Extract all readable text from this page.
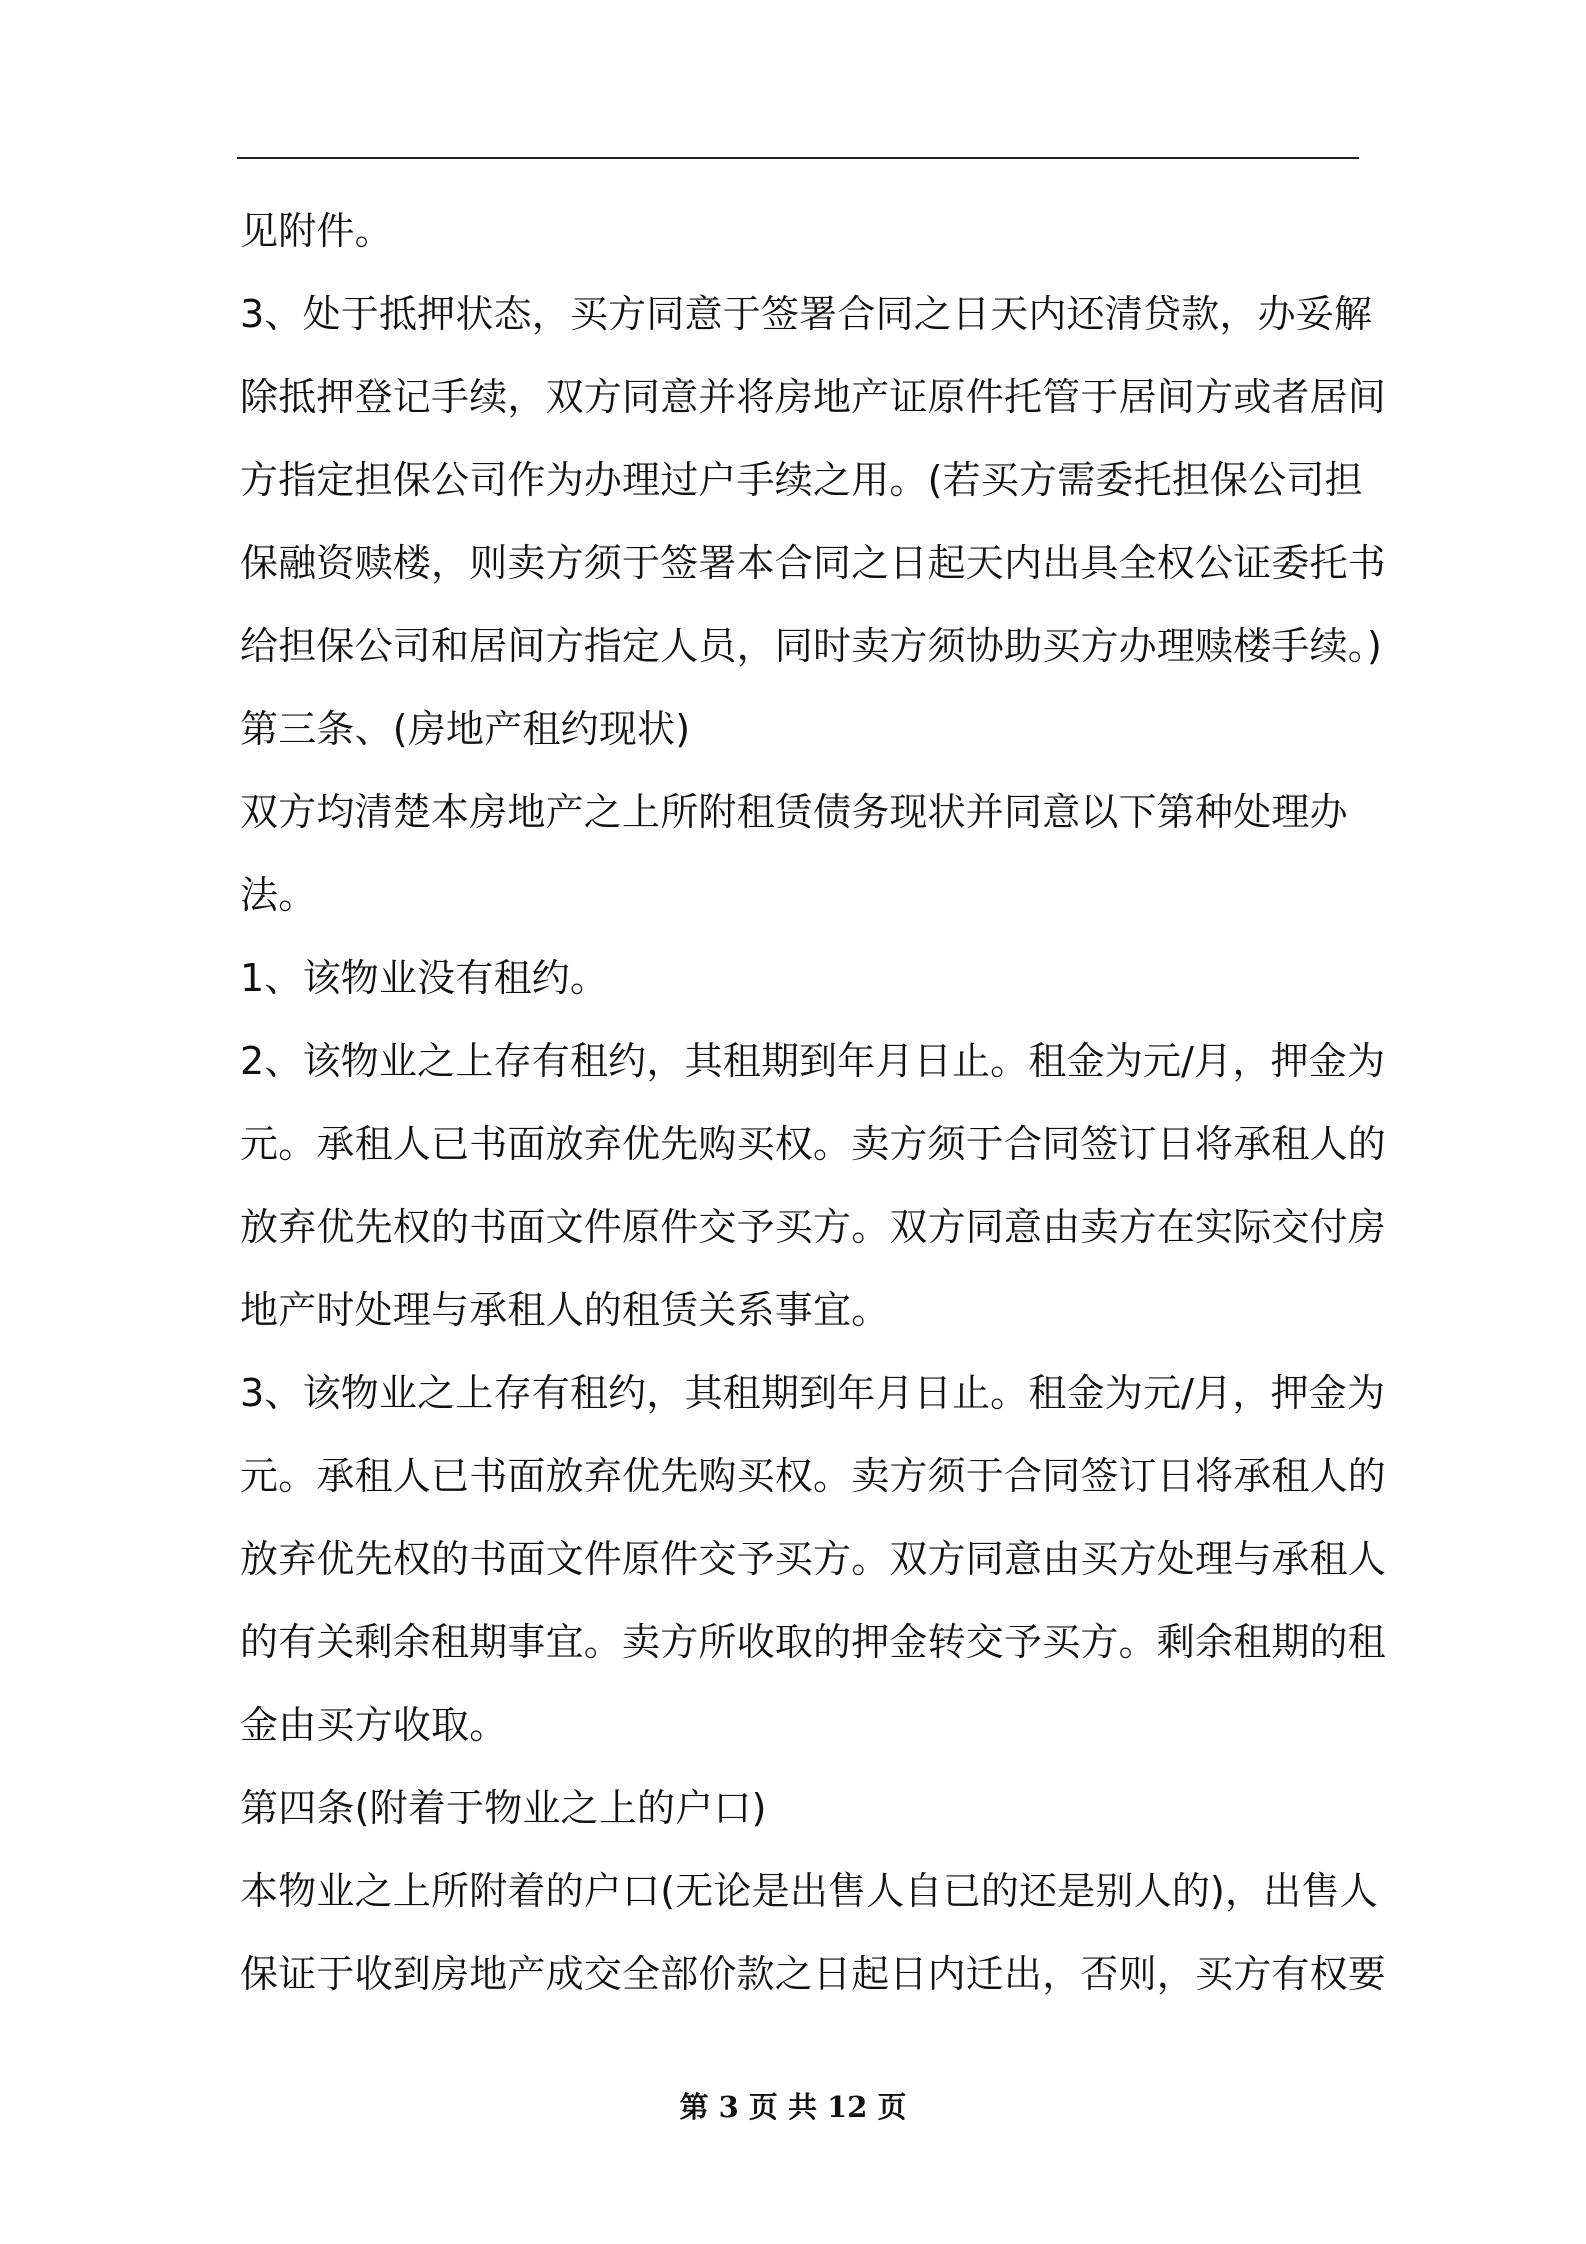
见附件。
3、处于抵押状态，买方同意于签署合同之日天内还清贷款，办妥解
除抵押登记手续，双方同意并将房地产证原件托管于居间方或者居间
方指定担保公司作为办理过户手续之用。(若买方需委托担保公司担
保融资赎楼，则卖方须于签署本合同之日起天内出具全权公证委托书
给担保公司和居间方指定人员，同时卖方须协助买方办理赎楼手续。)
第三条、(房地产租约现状)
双方均清楚本房地产之上所附租赁债务现状并同意以下第种处理办
法。
1、该物业没有租约。
2、该物业之上存有租约，其租期到年月日止。租金为元/月，押金为
元。承租人已书面放弃优先购买权。卖方须于合同签订日将承租人的
放弃优先权的书面文件原件交予买方。双方同意由卖方在实际交付房
地产时处理与承租人的租赁关系事宜。
3、该物业之上存有租约，其租期到年月日止。租金为元/月，押金为
元。承租人已书面放弃优先购买权。卖方须于合同签订日将承租人的
放弃优先权的书面文件原件交予买方。双方同意由买方处理与承租人
的有关剩余租期事宜。卖方所收取的押金转交予买方。剩余租期的租
金由买方收取。
第四条(附着于物业之上的户口)
本物业之上所附着的户口(无论是出售人自已的还是别人的)，出售人
保证于收到房地产成交全部价款之日起日内迁出，否则，买方有权要
第 3 页 共 12 页
